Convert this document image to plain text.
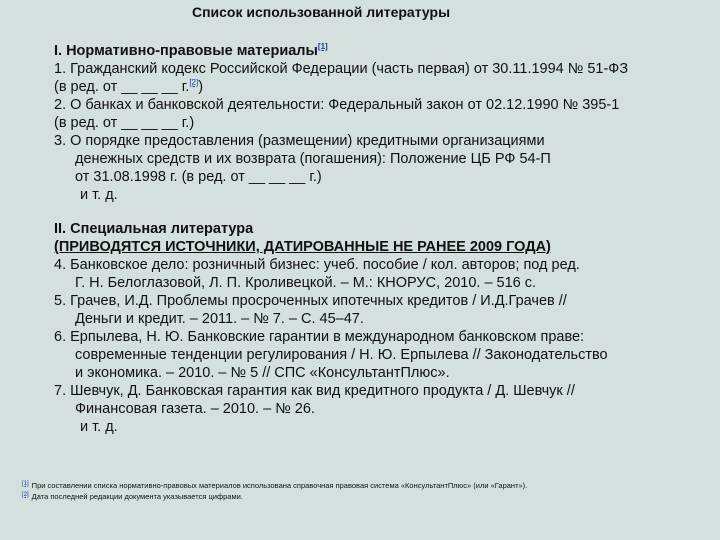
Список использованной литературы
I. Нормативно-правовые материалы[1]
1. Гражданский кодекс Российской Федерации (часть первая) от 30.11.1994 № 51-ФЗ
(в ред. от __ __ __ г.[2])
2. О банках и банковской деятельности: Федеральный закон от 02.12.1990 № 395-1
(в ред. от __ __ __ г.)
3. О порядке предоставления (размещении) кредитными организациями
денежных средств и их возврата (погашения): Положение ЦБ РФ 54-П
от 31.08.1998 г. (в ред. от __ __ __ г.)
и т. д.
II. Специальная литература
(ПРИВОДЯТСЯ ИСТОЧНИКИ, ДАТИРОВАННЫЕ НЕ РАНЕЕ 2009 ГОДА)
4. Банковское дело: розничный бизнес: учеб. пособие / кол. авторов; под ред.
Г. Н. Белоглазовой, Л. П. Кроливецкой. – М.: КНОРУС, 2010. – 516 с.
5. Грачев, И.Д. Проблемы просроченных ипотечных кредитов / И.Д.Грачев //
Деньги и кредит. – 2011. – № 7. – С. 45–47.
6. Ерпылева, Н. Ю. Банковские гарантии в международном банковском праве:
современные тенденции регулирования / Н. Ю. Ерпылева // Законодательство
и экономика. – 2010. – № 5 // СПС «КонсультантПлюс».
7. Шевчук, Д. Банковская гарантия как вид кредитного продукта / Д. Шевчук //
Финансовая газета. – 2010. – № 26.
и т. д.
[1] При составлении списка нормативно-правовых материалов использована справочная правовая система «КонсультантПлюс» (или «Гарант»).
[2] Дата последней редакции документа указывается цифрами.
